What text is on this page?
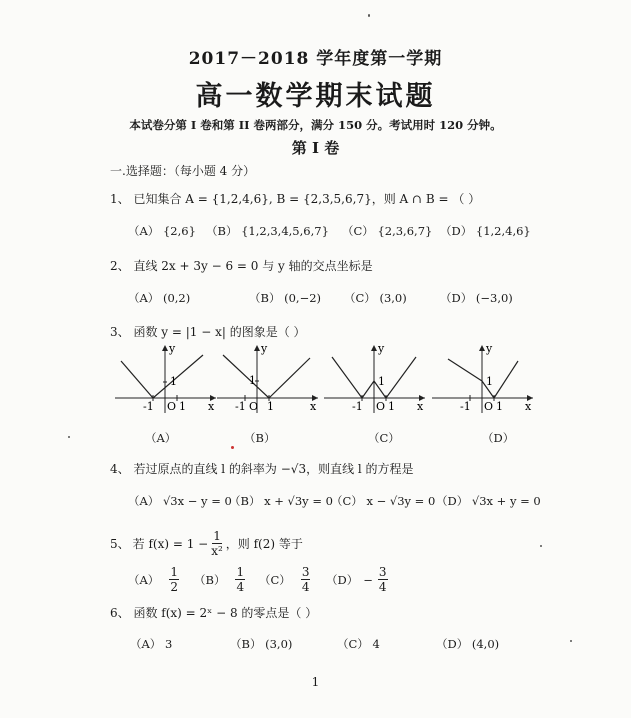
2017－2018 学年度第一学期
高一数学期末试题
本试卷分第 I 卷和第 II 卷两部分，满分 150 分。考试用时 120 分钟。
第 I 卷
一.选择题：（每小题 4 分）
1、 已知集合 A = {1,2,4,6}, B = {2,3,5,6,7}，则 A ∩ B = （ ）
（A） {2,6} （B） {1,2,3,4,5,6,7} （C） {2,3,6,7} （D） {1,2,4,6}
2、 直线 2x + 3y − 6 = 0 与 y 轴的交点坐标是
（A） (0,2)	（B） (0,−2) （C） (3,0)	（D） (−3,0)
3、 函数 y = |1 − x| 的图象是（ ）
y
-1 O 1
1
x
（A）
y
-1 O 1
1
x
（B）
y
-1 O 1
1
x
（C）
y
-1 O 1
1
x
（D）
4、 若过原点的直线 l 的斜率为 −√3，则直线 l 的方程是
（A） √3x − y = 0
（B） x + √3y = 0
（C） x − √3y = 0 （D） √3x + y = 0
5、 若 $f(x) = 1 - \frac{1}{\text{x²}}$ ，则 f(2) 等于
$(A) \frac{1}{2} (B) \frac{1}{4} (C) \frac{3}{4} (D) - \frac{3}{4}$
6、 函数 f(x) = 2ˣ − 8 的零点是（ ）
（A） 3	（B） (3,0)	（C） 4	（D） (4,0)
1
